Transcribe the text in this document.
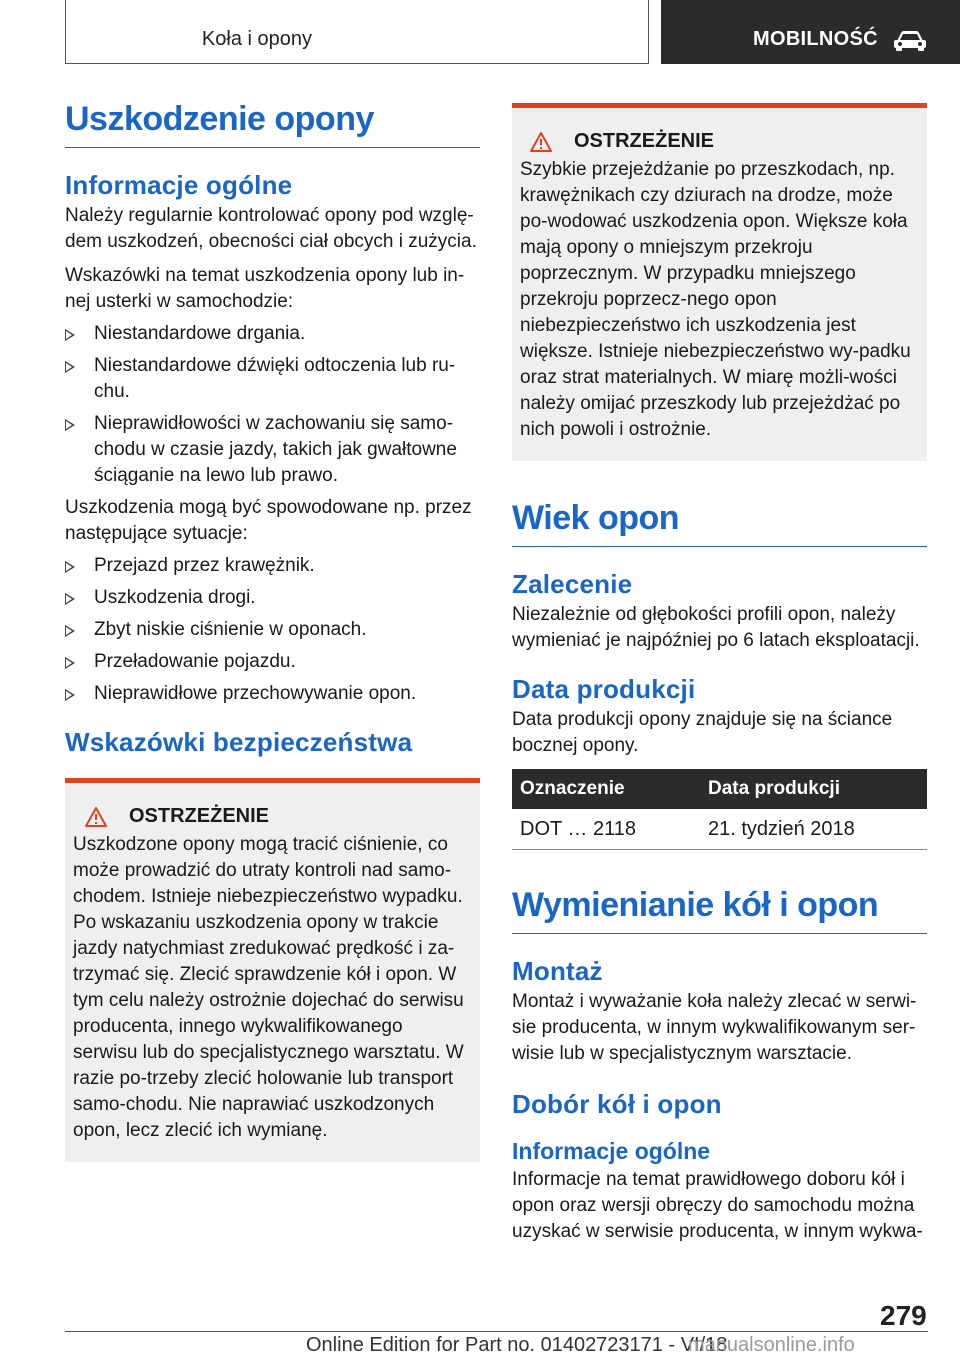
Koła i opony	MOBILNOŚĆ
Uszkodzenie opony
Informacje ogólne

Należy regularnie kontrolować opony pod wzglę-dem uszkodzeń, obecności ciał obcych i zużycia.

Wskazówki na temat uszkodzenia opony lub in-nej usterki w samochodzie:

Niestandardowe drgania.
Niestandardowe dźwięki odtoczenia lub ru-chu.
Nieprawidłowości w zachowaniu się samo-chodu w czasie jazdy, takich jak gwałtowne ściąganie na lewo lub prawo.

Uszkodzenia mogą być spowodowane np. przez następujące sytuacje:

Przejazd przez krawężnik.
Uszkodzenia drogi.
Zbyt niskie ciśnienie w oponach.
Przeładowanie pojazdu.
Nieprawidłowe przechowywanie opon.
Wskazówki bezpieczeństwa
OSTRZEŻENIE

Uszkodzone opony mogą tracić ciśnienie, co może prowadzić do utraty kontroli nad samo-chodem. Istnieje niebezpieczeństwo wypadku. Po wskazaniu uszkodzenia opony w trakcie jazdy natychmiast zredukować prędkość i za-trzymać się. Zlecić sprawdzenie kół i opon. W tym celu należy ostrożnie dojechać do serwisu producenta, innego wykwalifikowanego serwisu lub do specjalistycznego warsztatu. W razie po-trzeby zlecić holowanie lub transport samo-chodu. Nie naprawiać uszkodzonych opon, lecz zlecić ich wymianę.

OSTRZEŻENIE

Szybkie przejeżdżanie po przeszkodach, np. krawężnikach czy dziurach na drodze, może po-wodować uszkodzenia opon. Większe koła mają opony o mniejszym przekroju poprzecznym. W przypadku mniejszego przekroju poprzecz-nego opon niebezpieczeństwo ich uszkodzenia jest większe. Istnieje niebezpieczeństwo wy-padku oraz strat materialnych. W miarę możli-wości należy omijać przeszkody lub przejeżdżać po nich powoli i ostrożnie.

Wiek opon
Zalecenie

Niezależnie od głębokości profili opon, należy wymieniać je najpóźniej po 6 latach eksploatacji.

Data produkcji

Data produkcji opony znajduje się na ściance bocznej opony.

Oznaczenie	Data produkcji
DOT … 2118	21. tydzień 2018
Wymienianie kół i opon
Montaż

Montaż i wyważanie koła należy zlecać w serwi-sie producenta, w innym wykwalifikowanym ser-wisie lub w specjalistycznym warsztacie.

Dobór kół i opon
Informacje ogólne

Informacje na temat prawidłowego doboru kół i opon oraz wersji obręczy do samochodu można uzyskać w serwisie producenta, w innym wykwa-

279
Online Edition for Part no. 01402723171 - VI/18
manualsonline.info
